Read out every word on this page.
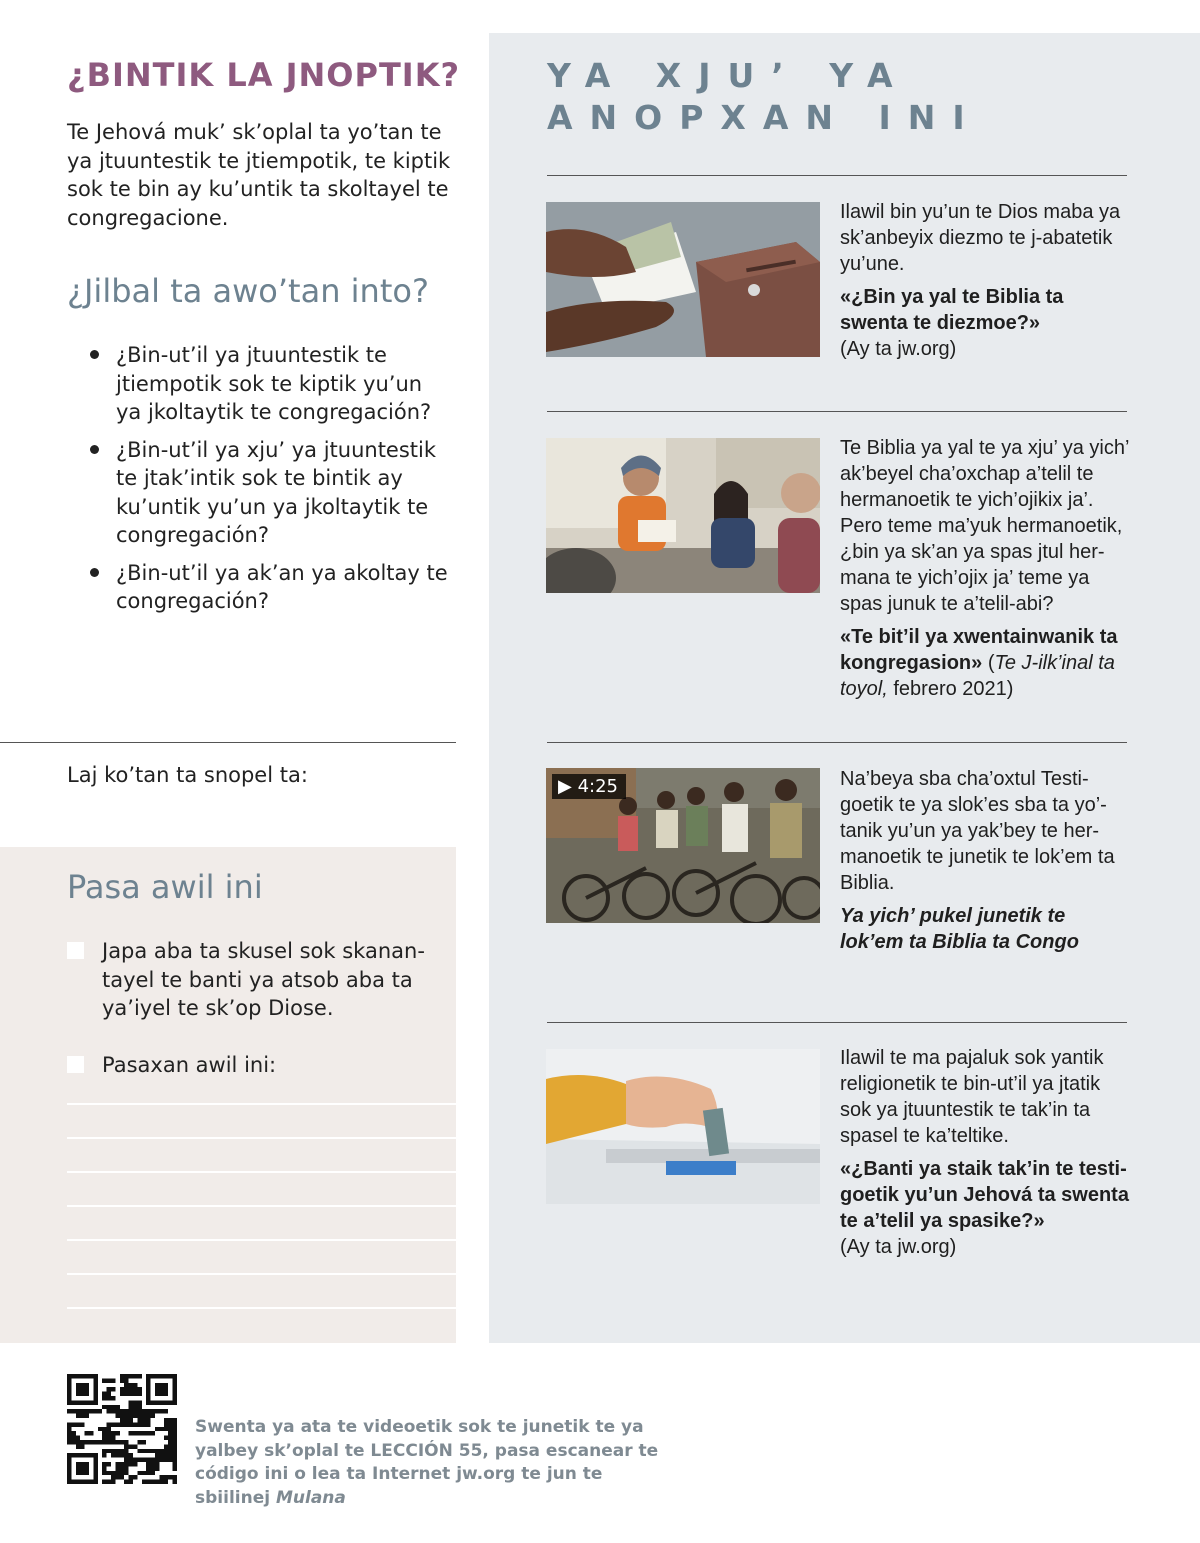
¿BINTIK LA JNOPTIK?

Te Jehová muk’ sk’oplal ta yo’tan te ya jtuuntestik te jtiempotik, te kiptik sok te bin ay ku’untik ta skoltayel te congregacione.

¿Jilbal ta awo’tan into?
¿Bin-ut’il ya jtuuntestik te jtiempotik sok te kiptik yu’un ya jkoltaytik te congregación?
¿Bin-ut’il ya xju’ ya jtuuntestik te jtak’intik sok te bintik ay ku’untik yu’un ya jkoltaytik te congregación?
¿Bin-ut’il ya ak’an ya akoltay te congregación?

Laj ko’tan ta snopel ta:

Pasa awil ini
Japa aba ta skusel sok skanantayel te banti ya atsob aba ta ya’iyel te sk’op Diose.
Pasaxan awil ini:
YA XJU’ YA ANOPXAN INI
Ilawil bin yu’un te Dios maba ya sk’anbeyix diezmo te j-abatetik yu’une.
«¿Bin ya yal te Biblia ta swenta te diezmoe?»
(Ay ta jw.org)
Te Biblia ya yal te ya xju’ ya yich’ ak’beyel cha’oxchap a’telil te hermanoetik te yich’ojikix ja’. Pero teme ma’yuk hermanoetik, ¿bin ya sk’an ya spas jtul hermana te yich’ojix ja’ teme ya spas junuk te a’telil-abi?
«Te bit’il ya xwentainwanik ta kongregasion» (Te J-ilk’inal ta toyol, febrero 2021)
▶ 4:25	Na’beya sba cha’oxtul Testigoetik te ya slok’es sba ta yo’tanik yu’un ya yak’bey te hermanoetik te junetik te lok’em ta Biblia.
Ya yich’ pukel junetik te lok’em ta Biblia ta Congo
Ilawil te ma pajaluk sok yantik religionetik te bin-ut’il ya jtatik sok ya jtuuntestik te tak’in ta spasel te ka’teltike.
«¿Banti ya staik tak’in te testigoetik yu’un Jehová ta swenta te a’telil ya spasike?»
(Ay ta jw.org)

Swenta ya ata te videoetik sok te junetik te ya yalbey sk’oplal te LECCIÓN 55, pasa escanear te código ini o lea ta Internet jw.org te jun te sbiilinej Mulana
